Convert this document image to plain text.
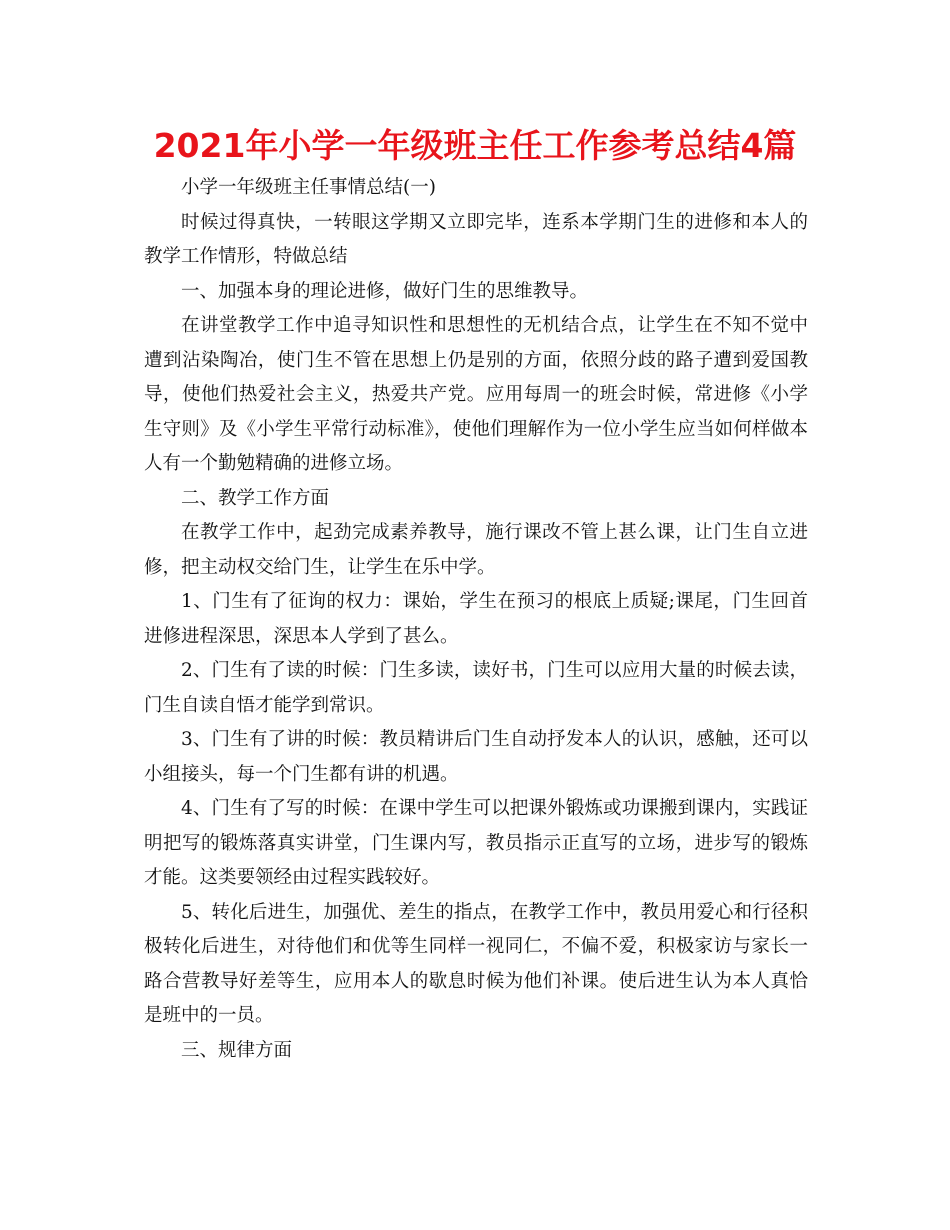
2021年小学一年级班主任工作参考总结4篇

小学一年级班主任事情总结(一)

时候过得真快，一转眼这学期又立即完毕，连系本学期门生的进修和本人的教学工作情形，特做总结

一、加强本身的理论进修，做好门生的思维教导。

在讲堂教学工作中追寻知识性和思想性的无机结合点，让学生在不知不觉中遭到沾染陶冶，使门生不管在思想上仍是别的方面，依照分歧的路子遭到爱国教导，使他们热爱社会主义，热爱共产党。应用每周一的班会时候，常进修《小学生守则》及《小学生平常行动标准》，使他们理解作为一位小学生应当如何样做本人有一个勤勉精确的进修立场。

二、教学工作方面

在教学工作中，起劲完成素养教导，施行课改不管上甚么课，让门生自立进修，把主动权交给门生，让学生在乐中学。

1、门生有了征询的权力：课始，学生在预习的根底上质疑;课尾，门生回首进修进程深思，深思本人学到了甚么。

2、门生有了读的时候：门生多读，读好书，门生可以应用大量的时候去读，门生自读自悟才能学到常识。

3、门生有了讲的时候：教员精讲后门生自动抒发本人的认识，感触，还可以小组接头，每一个门生都有讲的机遇。

4、门生有了写的时候：在课中学生可以把课外锻炼或功课搬到课内，实践证明把写的锻炼落真实讲堂，门生课内写，教员指示正直写的立场，进步写的锻炼才能。这类要领经由过程实践较好。

5、转化后进生，加强优、差生的指点，在教学工作中，教员用爱心和行径积极转化后进生，对待他们和优等生同样一视同仁，不偏不爱，积极家访与家长一路合营教导好差等生，应用本人的歇息时候为他们补课。使后进生认为本人真恰是班中的一员。

三、规律方面
